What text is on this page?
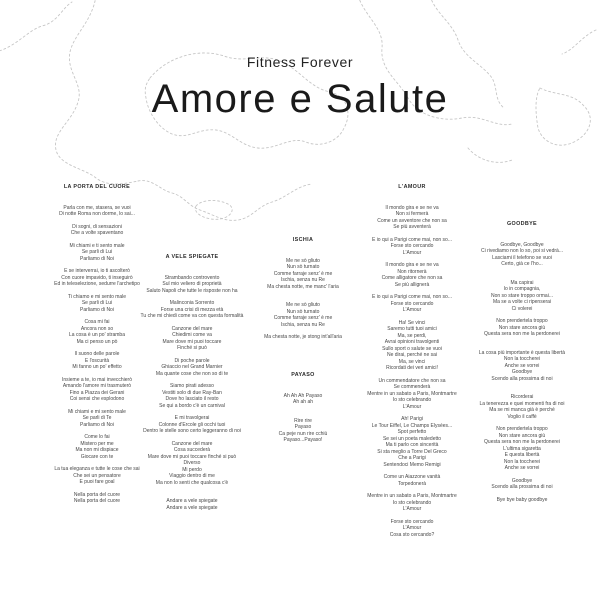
Fitness Forever
Amore e Salute
LA PORTA DEL CUORE
Parla con me, stasera, se vuoi
Di notte Roma non dorme, lo sai...
Di sogni, di sensazioni
Che a volte spaventano
Mi chiami e ti sento male
Se parli di Lui
Parliamo di Noi
E se interverrai, io ti ascolterò
Con cuore impavido, ti inseguirò
Ed in teleselezione, sedurre l'archetipo
Ti chiamo e mi sento male
Se parli di Lui
Parliamo di Noi
Cosa mi fai
Ancora non so
La cosa è un po' stramba
Ma ci penso un pò
Il suono delle parole
E l'oscurità
Mi fanno un po' effetto
Insieme a te, io mai invecchierò
Amando l'amore mi trasmuterò
Fino a Piazza dei Gerani
Coi sensi che esplodono
Mi chiami e mi sento male
Se parli di Te
Parliamo di Noi
Come lo fai
Mistero per me
Ma non mi dispiace
Giocare con te
La tua eleganza e tutte le cose che sai
Che sei un pensatore
E puoi fare goal
Nella porta del cuore
Nella porta del cuore
A VELE SPIEGATE
Strambando controvento
Sul mio veliero di proprietà
Saluto Napoli che tutte le risposte non ha
Malinconia Sorrento
Forse una crisi di mezza età
Tu che mi chiedi come va con questa formalità
Canzone del mare
Chiedimi come va
Mare dove mi puoi toccare
Finché si può
Di poche parole
Ghiaccio nel Grand Marnier
Ma quante cose che non so di te
Siamo pirati adesso
Vestiti solo di due Ray-Ban
Dove ho lasciato il resto
Se qui a bordo c'è un carnival
E mi travolgerai
Colonne d'Ercole gli occhi tuoi
Dentro le stelle sono certo leggeranno di noi
Canzone del mare
Cosa succederà
Mare dove mi puoi toccare finché si può
Diverso
Mi perdo
Viaggio dentro di me
Ma non lo senti che qualcosa c'è
Andare a vele spiegate
Andare a vele spiegate
ISCHIA
Me ne sò gliuto
Nun sò turnato
Comme farraje senz' è me
Ischia, senza nu Re
Ma chesta notte, me manc' l'aria
Me ne sò gliuto
Nun sò turnato
Comme farraje senz' è me
Ischia, senza nu Re
Ma chesta notte, je stong int'all'aria
PAYASO
Ah Ah Ah Payaso
Ah ah ah
Rire rire
Payaso
Ca peje nun rire cchiù
Payaso...Payaso!
L'AMOUR
Il mondo gira e se ne va
Non si fermerà
Come un avventore che non sa
Se più avventerà
E io qui a Parigi come mai, non so...
Forse sto cercando
L'Amour
Il mondo gira e se ne va
Non ritornerà
Come alligatore che non sa
Se più allignerà
E io qui a Parigi come mai, non so...
Forse sto cercando
L'Amour
Ha! Se vinci
Saremo tutti tuoi amici
Ma, se perdi,
Avrai opinioni travolgenti
Sullo sport o salute se vuoi
Ne dirai, perché ne sai
Ma, se vinci
Ricordati dei veri amici!
Un commendatore che non sa
Se commenderà
Mentre in un sabato a Paris, Montmartre
Io sto celebrando
L'Amour
Ah! Parigi
Le Tour Eiffel, Le Champs Elysées...
Spot perfetto
Se sei un poeta maledetto
Ma ti parlo con sincerità
Si sta meglio a Torre Del Greco
Che a Parigi
Sentendoci Memo Remigi
Come un Aiazzone vanità
Torpedonerà
Mentre in un sabato a Paris, Montmartre
Io sto celebrando
L'Amour
Forse sto cercando
L'Amour
Cosa sto cercando?
GOODBYE
Goodbye, Goodbye
Ci rivediamo non lo so, poi si vedrà...
Lasciami il telefono se vuoi
Certo, già ce l'ho...
Ma capirai
Io in compagnia,
Non so stare troppo ormai...
Ma se a volte ci ripenserai
Ci volerei
Non prendertela troppo
Non stare ancora giù
Questa sera non me la perdonerei
La cosa più importante è questa libertà
Non la toccherei
Anche se vorrei
Goodbye
Scendo alla prossima di noi
Ricorderai
La tenerezza e quei momenti fra di noi
Ma se mi manca già è perché
Voglio il caffè
Non prendertela troppo
Non stare ancora giù
Questa sera non me la perdonerei
L'ultima sigaretta
E questa libertà
Non la toccherei
Anche se vorrei
Goodbye
Scendo alla prossima di noi
Bye bye baby goodbye
